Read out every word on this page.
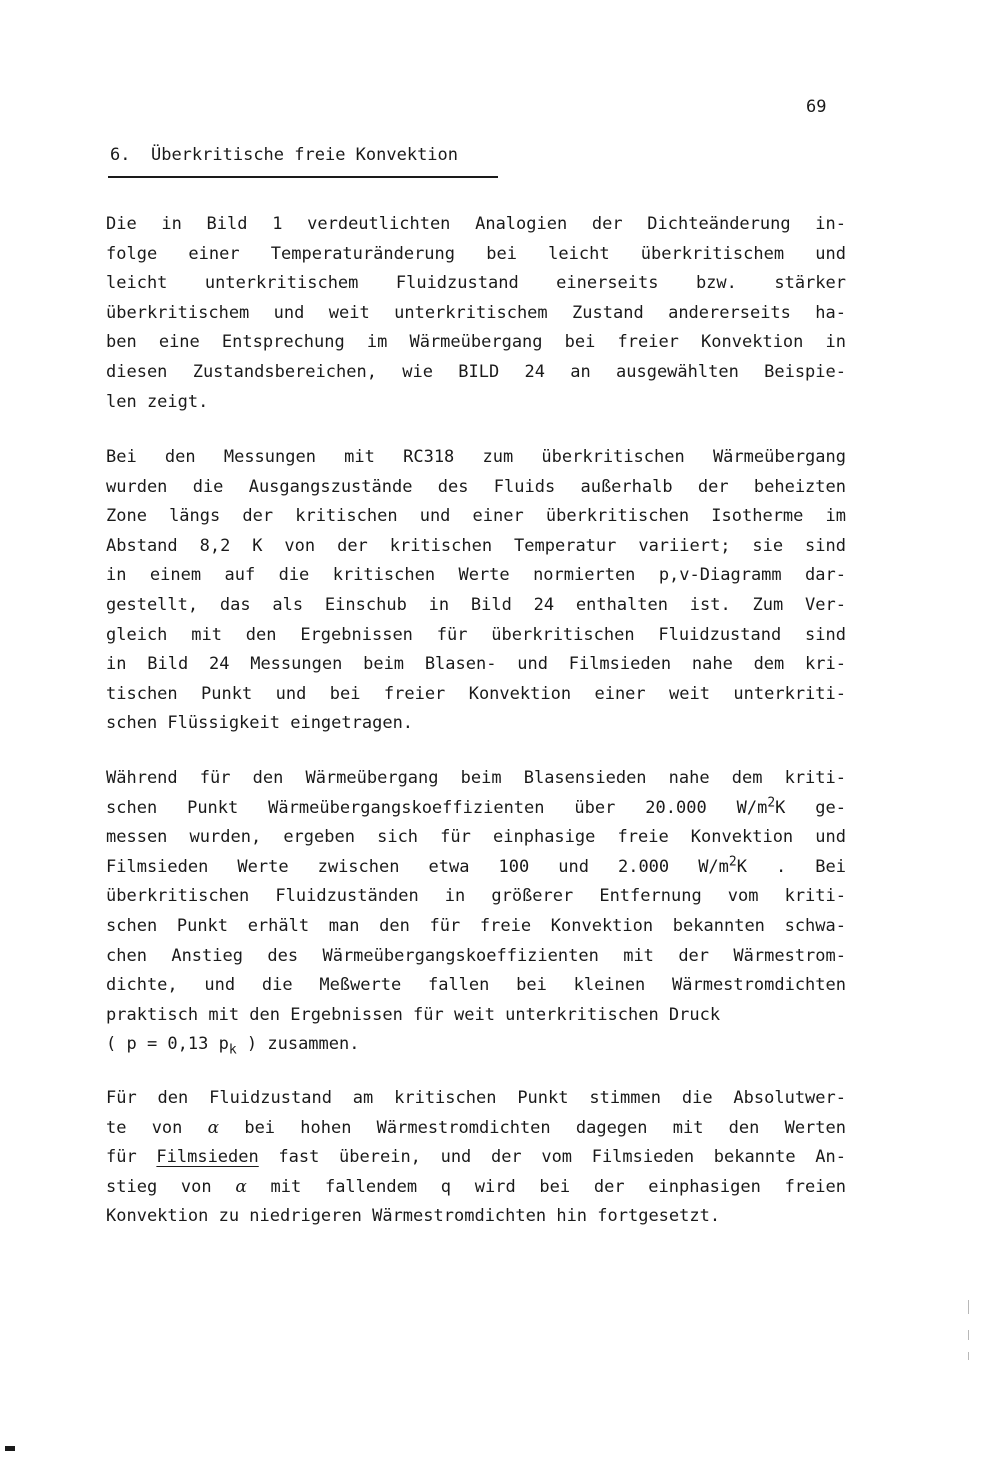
69
6. Überkritische freie Konvektion
Die in Bild 1 verdeutlichten Analogien der Dichteänderung in-
folge einer Temperaturänderung bei leicht überkritischem und
leicht unterkritischem Fluidzustand einerseits bzw. stärker
überkritischem und weit unterkritischem Zustand andererseits ha-
ben eine Entsprechung im Wärmeübergang bei freier Konvektion in
diesen Zustandsbereichen, wie BILD 24 an ausgewählten Beispie-
len zeigt.
Bei den Messungen mit RC318 zum überkritischen Wärmeübergang
wurden die Ausgangszustände des Fluids außerhalb der beheizten
Zone längs der kritischen und einer überkritischen Isotherme im
Abstand 8,2 K von der kritischen Temperatur variiert; sie sind
in einem auf die kritischen Werte normierten p,v-Diagramm dar-
gestellt, das als Einschub in Bild 24 enthalten ist. Zum Ver-
gleich mit den Ergebnissen für überkritischen Fluidzustand sind
in Bild 24 Messungen beim Blasen- und Filmsieden nahe dem kri-
tischen Punkt und bei freier Konvektion einer weit unterkriti-
schen Flüssigkeit eingetragen.
Während für den Wärmeübergang beim Blasensieden nahe dem kriti-
schen Punkt Wärmeübergangskoeffizienten über 20.000 $W/m^2K$ ge-
messen wurden, ergeben sich für einphasige freie Konvektion und
Filmsieden Werte zwischen etwa 100 und 2.000 $W/m^2K$ . Bei
überkritischen Fluidzuständen in größerer Entfernung vom kriti-
schen Punkt erhält man den für freie Konvektion bekannten schwa-
chen Anstieg des Wärmeübergangskoeffizienten mit der Wärmestrom-
dichte, und die Meßwerte fallen bei kleinen Wärmestromdichten
praktisch mit den Ergebnissen für weit unterkritischen Druck
( p = 0,13 $p_k$ ) zusammen.
Für den Fluidzustand am kritischen Punkt stimmen die Absolutwer-
te von α bei hohen Wärmestromdichten dagegen mit den Werten
für Filmsieden fast überein, und der vom Filmsieden bekannte An-
stieg von α mit fallendem q wird bei der einphasigen freien
Konvektion zu niedrigeren Wärmestromdichten hin fortgesetzt.
